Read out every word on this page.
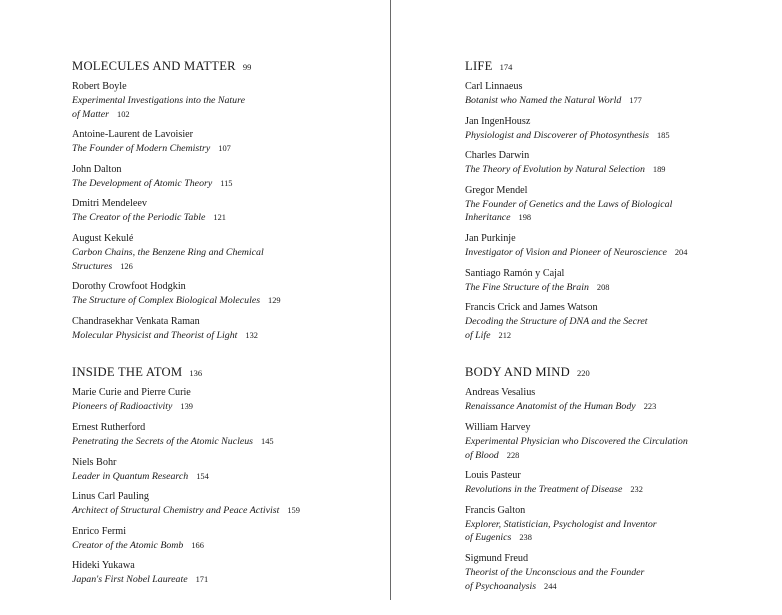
MOLECULES AND MATTER 99
Robert Boyle
Experimental Investigations into the Nature
of Matter 102
Antoine-Laurent de Lavoisier
The Founder of Modern Chemistry 107
John Dalton
The Development of Atomic Theory 115
Dmitri Mendeleev
The Creator of the Periodic Table 121
August Kekulé
Carbon Chains, the Benzene Ring and Chemical
Structures 126
Dorothy Crowfoot Hodgkin
The Structure of Complex Biological Molecules 129
Chandrasekhar Venkata Raman
Molecular Physicist and Theorist of Light 132
INSIDE THE ATOM 136
Marie Curie and Pierre Curie
Pioneers of Radioactivity 139
Ernest Rutherford
Penetrating the Secrets of the Atomic Nucleus 145
Niels Bohr
Leader in Quantum Research 154
Linus Carl Pauling
Architect of Structural Chemistry and Peace Activist 159
Enrico Fermi
Creator of the Atomic Bomb 166
Hideki Yukawa
Japan's First Nobel Laureate 171
LIFE 174
Carl Linnaeus
Botanist who Named the Natural World 177
Jan IngenHousz
Physiologist and Discoverer of Photosynthesis 185
Charles Darwin
The Theory of Evolution by Natural Selection 189
Gregor Mendel
The Founder of Genetics and the Laws of Biological
Inheritance 198
Jan Purkinje
Investigator of Vision and Pioneer of Neuroscience 204
Santiago Ramón y Cajal
The Fine Structure of the Brain 208
Francis Crick and James Watson
Decoding the Structure of DNA and the Secret
of Life 212
BODY AND MIND 220
Andreas Vesalius
Renaissance Anatomist of the Human Body 223
William Harvey
Experimental Physician who Discovered the Circulation
of Blood 228
Louis Pasteur
Revolutions in the Treatment of Disease 232
Francis Galton
Explorer, Statistician, Psychologist and Inventor
of Eugenics 238
Sigmund Freud
Theorist of the Unconscious and the Founder
of Psychoanalysis 244
